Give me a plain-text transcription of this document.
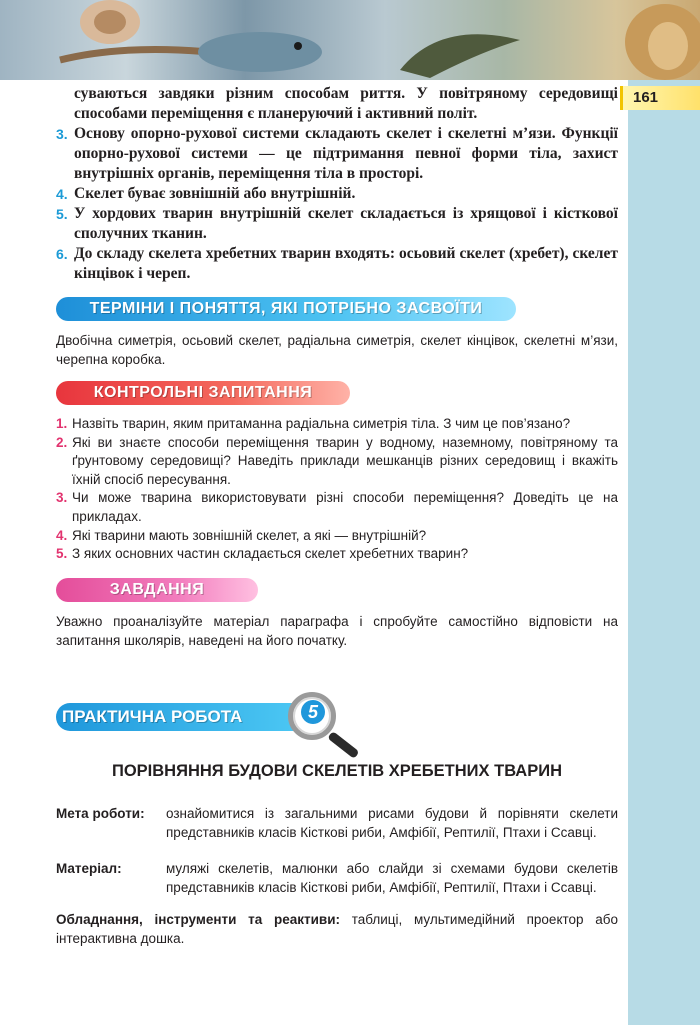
161
суваються завдяки різним способам риття. У повітряному середовищі способами переміщення є планеруючий і активний політ.
3. Основу опорно-рухової системи складають скелет і скелетні м’язи. Функції опорно-рухової системи — це підтримання певної форми тіла, захист внутрішніх органів, переміщення тіла в просторі.
4. Скелет буває зовнішній або внутрішній.
5. У хордових тварин внутрішній скелет складається із хрящової і кісткової сполучних тканин.
6. До складу скелета хребетних тварин входять: осьовий скелет (хребет), скелет кінцівок і череп.
ТЕРМІНИ І ПОНЯТТЯ, ЯКІ ПОТРІБНО ЗАСВОЇТИ
Двобічна симетрія, осьовий скелет, радіальна симетрія, скелет кінцівок, скелетні м’язи, черепна коробка.
КОНТРОЛЬНІ ЗАПИТАННЯ
1. Назвіть тварин, яким притаманна радіальна симетрія тіла. З чим це пов’язано?
2. Які ви знаєте способи переміщення тварин у водному, наземному, повітряному та ґрунтовому середовищі? Наведіть приклади мешканців різних середовищ і вкажіть їхній спосіб пересування.
3. Чи може тварина використовувати різні способи переміщення? Доведіть це на прикладах.
4. Які тварини мають зовнішній скелет, а які — внутрішній?
5. З яких основних частин складається скелет хребетних тварин?
ЗАВДАННЯ
Уважно проаналізуйте матеріал параграфа і спробуйте самостійно відповісти на запитання школярів, наведені на його початку.
ПРАКТИЧНА РОБОТА	5
ПОРІВНЯННЯ БУДОВИ СКЕЛЕТІВ ХРЕБЕТНИХ ТВАРИН
Мета роботи:	ознайомитися із загальними рисами будови й порівняти скелети представників класів Кісткові риби, Амфібії, Рептилії, Птахи і Ссавці.
Матеріал:	муляжі скелетів, малюнки або слайди зі схемами будови скелетів представників класів Кісткові риби, Амфібії, Рептилії, Птахи і Ссавці.
Обладнання, інструменти та реактиви: таблиці, мультимедійний проектор або інтерактивна дошка.
